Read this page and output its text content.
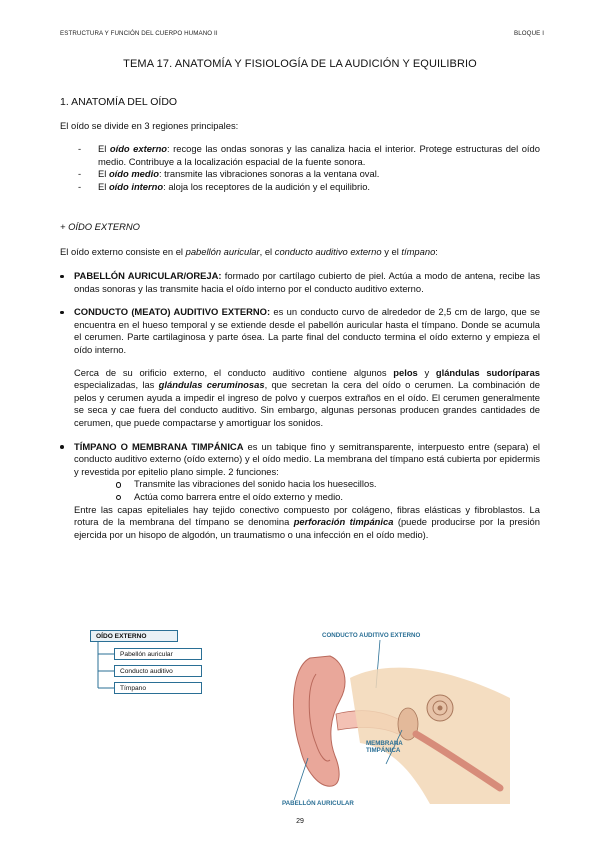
ESTRUCTURA Y FUNCIÓN DEL CUERPO HUMANO II	BLOQUE I
TEMA 17. ANATOMÍA Y FISIOLOGÍA DE LA AUDICIÓN Y EQUILIBRIO
1. ANATOMÍA DEL OÍDO
El oído se divide en 3 regiones principales:
- El oído externo: recoge las ondas sonoras y las canaliza hacia el interior. Protege estructuras del oído medio. Contribuye a la localización espacial de la fuente sonora.
- El oído medio: transmite las vibraciones sonoras a la ventana oval.
- El oído interno: aloja los receptores de la audición y el equilibrio.
+ OÍDO EXTERNO
El oído externo consiste en el pabellón auricular, el conducto auditivo externo y el tímpano:
PABELLÓN AURICULAR/OREJA: formado por cartílago cubierto de piel. Actúa a modo de antena, recibe las ondas sonoras y las transmite hacia el oído interno por el conducto auditivo externo.
CONDUCTO (MEATO) AUDITIVO EXTERNO: es un conducto curvo de alrededor de 2,5 cm de largo, que se encuentra en el hueso temporal y se extiende desde el pabellón auricular hasta el tímpano. Donde se acumula el cerumen. Parte cartilaginosa y parte ósea. La parte final del conducto termina el oído externo y empieza el oído interno.
Cerca de su orificio externo, el conducto auditivo contiene algunos pelos y glándulas sudoríparas especializadas, las glándulas ceruminosas, que secretan la cera del oído o cerumen. La combinación de pelos y cerumen ayuda a impedir el ingreso de polvo y cuerpos extraños en el oído. El cerumen generalmente se seca y cae fuera del conducto auditivo. Sin embargo, algunas personas producen grandes cantidades de cerumen, que puede compactarse y amortiguar los sonidos.
TÍMPANO O MEMBRANA TIMPÁNICA es un tabique fino y semitransparente, interpuesto entre (separa) el conducto auditivo externo (oído externo) y el oído medio. La membrana del tímpano está cubierta por epidermis y revestida por epitelio plano simple. 2 funciones:
Transmite las vibraciones del sonido hacia los huesecillos.
Actúa como barrera entre el oído externo y medio.
Entre las capas epiteliales hay tejido conectivo compuesto por colágeno, fibras elásticas y fibroblastos. La rotura de la membrana del tímpano se denomina perforación timpánica (puede producirse por la presión ejercida por un hisopo de algodón, un traumatismo o una infección en el oído medio).
OÍDO EXTERNO
Pabellón auricular
Conducto auditivo
Tímpano
CONDUCTO AUDITIVO EXTERNO
MEMBRANA
TIMPÁNICA
PABELLÓN AURICULAR
29
